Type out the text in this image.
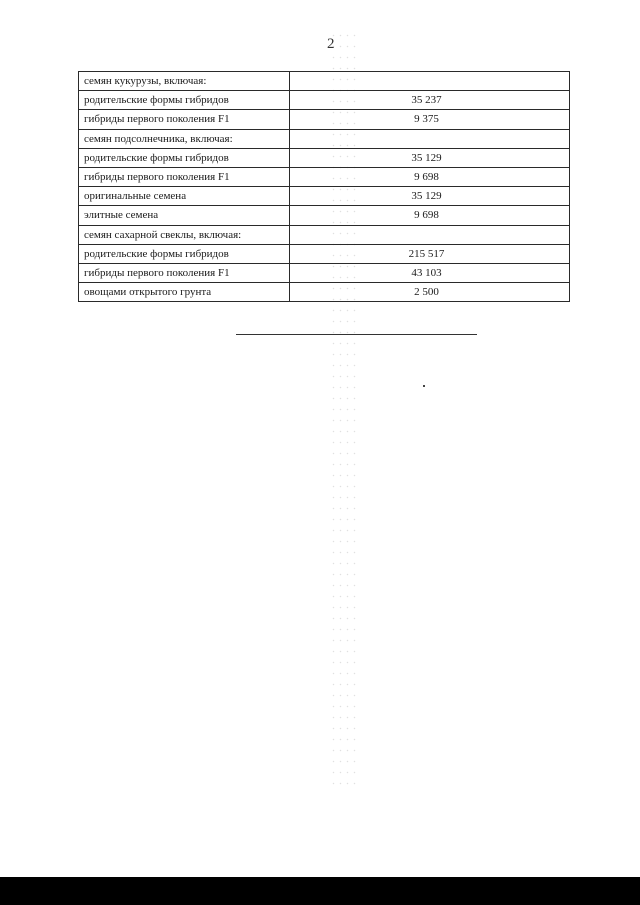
2
семян кукурузы, включая:	
родительские формы гибридов	35 237
гибриды первого поколения F1	9 375
семян подсолнечника, включая:	
родительские формы гибридов	35 129
гибриды первого поколения F1	9 698
оригинальные семена	35 129
элитные семена	9 698
семян сахарной свеклы, включая:	
родительские формы гибридов	215 517
гибриды первого поколения F1	43 103
овощами открытого грунта	2 500
